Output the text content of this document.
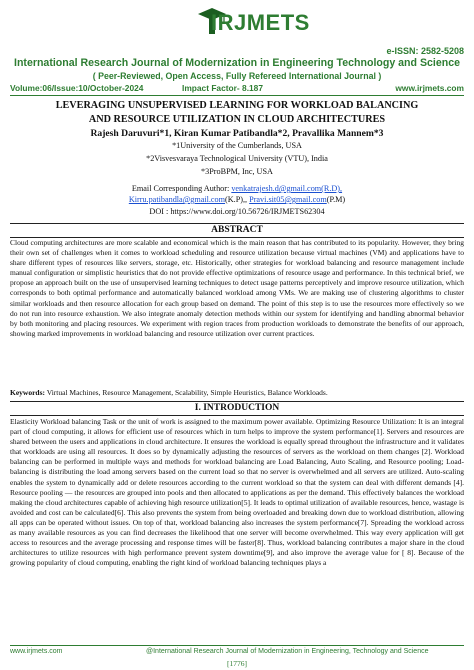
IRJMETS
e-ISSN: 2582-5208
International Research Journal of Modernization in Engineering Technology and Science
( Peer-Reviewed, Open Access, Fully Refereed International Journal )
Volume:06/Issue:10/October-2024	Impact Factor- 8.187	www.irjmets.com
LEVERAGING UNSUPERVISED LEARNING FOR WORKLOAD BALANCING
AND RESOURCE UTILIZATION IN CLOUD ARCHITECTURES
Rajesh Daruvuri*1, Kiran Kumar Patibandla*2, Pravallika Mannem*3
*1University of the Cumberlands, USA
*2Visvesvaraya Technological University (VTU), India
*3ProBPM, Inc, USA
Email Corresponding Author: venkatrajesh.d@gmail.com(R.D),
Kirru.patibandla@gmail.com(K.P),, Pravi.sit05@gmail.com(P.M)
DOI : https://www.doi.org/10.56726/IRJMETS62304
ABSTRACT
Cloud computing architectures are more scalable and economical which is the main reason that has contributed to its popularity. However, they bring their own set of challenges when it comes to workload scheduling and resource utilization because virtual machines (VM) and applications have to share different types of resources like servers, storage, etc. Historically, other strategies for workload balancing and resource management include manual configuration or simplistic heuristics that do not provide effective optimizations of resource usage and performance. In this technical brief, we propose an approach built on the use of unsupervised learning techniques to detect usage patterns perceptively and improve resource utilization, which corresponds to both optimal performance and automatically balanced workload among VMs. We are making use of clustering algorithms to cluster similar workloads and then resource allocation for each group based on demand. The point of this step is to use the resources more effectively so we do not run into resource exhaustion. We also integrate anomaly detection methods within our system for identifying and handling abnormal behavior by both monitoring and placing resources. We experiment with region traces from production workloads to demonstrate the benefits of our approach, showing marked improvements in workload balancing and resource utilization over current practices.
Keywords: Virtual Machines, Resource Management, Scalability, Simple Heuristics, Balance Workloads.
I. INTRODUCTION
Elasticity Workload balancing Task or the unit of work is assigned to the maximum power available. Optimizing Resource Utilization: It is an integral part of cloud computing, it allows for efficient use of resources which in turn helps to improve the system performance[1]. Servers and resources are shared between the users and applications in cloud architecture. It ensures the workload is equally spread throughout the infrastructure and it validates that workloads are using all resources. It does so by dynamically adjusting the resources of servers as the workload on them changes [2]. Workload balancing can be performed in multiple ways and methods for workload balancing are Load Balancing, Auto Scaling, and Resource pooling; Load-balancing is distributing the load among servers based on the current load so that no server is overwhelmed and all servers are utilized. Auto-scaling enables the system to dynamically add or delete resources according to the current workload so that the system can deal with different demands [4]. Resource pooling — the resources are grouped into pools and then allocated to applications as per the demand. This effectively balances the workload making the cloud architectures capable of achieving high resource utilization[5]. It leads to optimal utilization of available resources, hence, wastage is avoided and cost can be calculated[6]. This also prevents the system from being overloaded and breaking down due to workload distribution, allowing all apps can be operated without issues. On top of that, workload balancing also increases the system performance[7]. Spreading the workload across as many available resources as you can find decreases the likelihood that one server will become overwhelmed. This way every application will get access to resources and the average processing and response times will be faster[8]. Thus, workload balancing contributes a major share in the cloud architectures to utilize resources with high performance prevent system downtime[9], and also improve the average value for [ 8]. Because of the growing popularity of cloud computing, enabling the right kind of workload balancing techniques plays a
www.irjmets.com	@International Research Journal of Modernization in Engineering, Technology and Science
[1776]
